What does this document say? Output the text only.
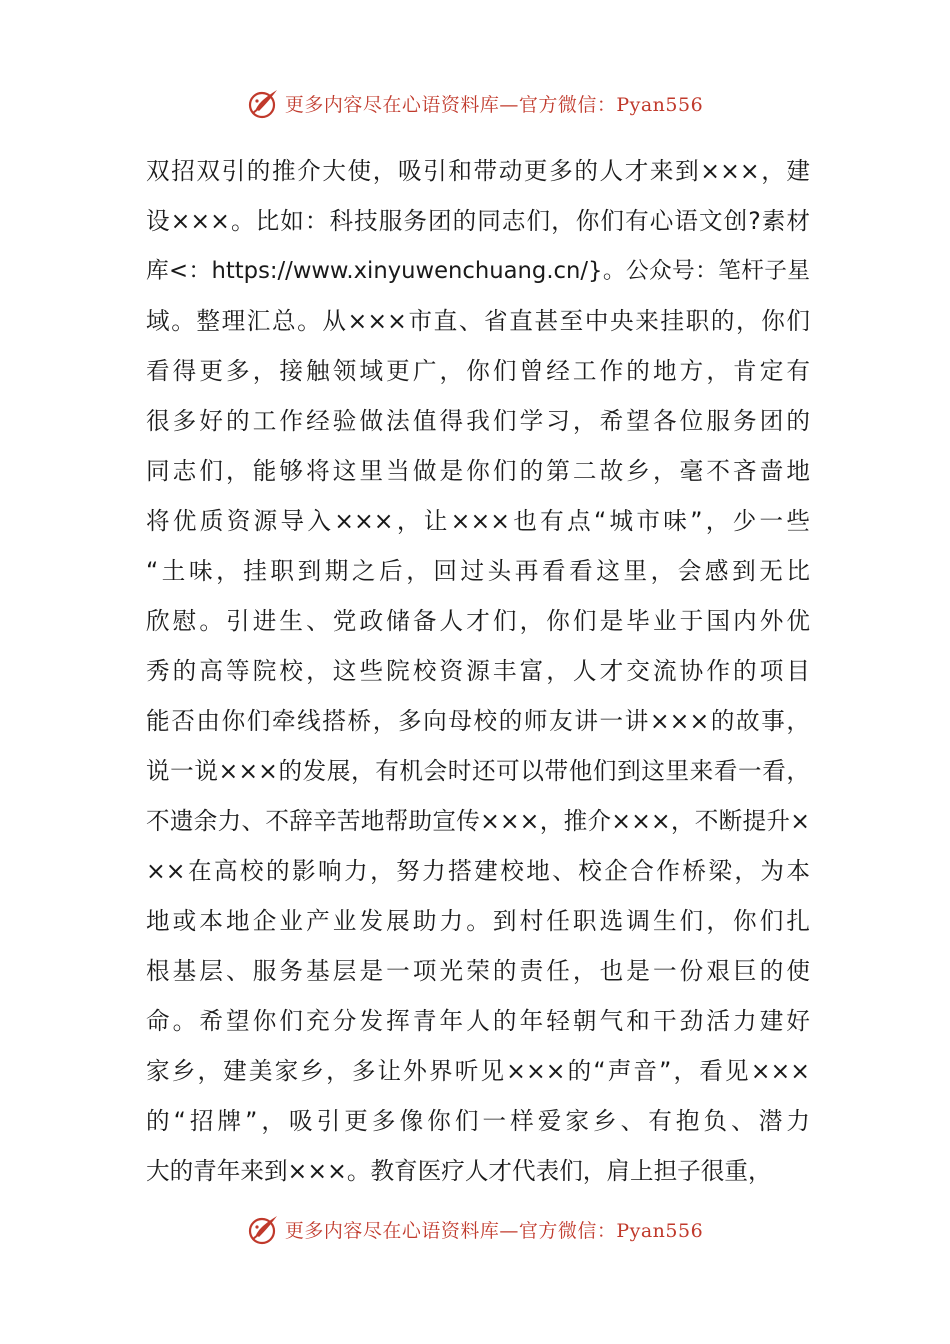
更多内容尽在心语资料库—官方微信：Pyan556
双招双引的推介大使，吸引和带动更多的人才来到×××，建
设×××。比如：科技服务团的同志们，你们有心语文创?素材
库<：https://www.xinyuwenchuang.cn/}。公众号：笔杆子星
域。整理汇总。从×××市直、省直甚至中央来挂职的，你们
看得更多，接触领域更广，你们曾经工作的地方，肯定有
很多好的工作经验做法值得我们学习，希望各位服务团的
同志们，能够将这里当做是你们的第二故乡，毫不吝啬地
将优质资源导入×××，让×××也有点“城市味”，少一些
“土味，挂职到期之后，回过头再看看这里，会感到无比
欣慰。引进生、党政储备人才们，你们是毕业于国内外优
秀的高等院校，这些院校资源丰富，人才交流协作的项目
能否由你们牵线搭桥，多向母校的师友讲一讲×××的故事，
说一说×××的发展，有机会时还可以带他们到这里来看一看，
不遗余力、不辞辛苦地帮助宣传×××，推介×××，不断提升×
××在高校的影响力，努力搭建校地、校企合作桥梁，为本
地或本地企业产业发展助力。到村任职选调生们，你们扎
根基层、服务基层是一项光荣的责任，也是一份艰巨的使
命。希望你们充分发挥青年人的年轻朝气和干劲活力建好
家乡，建美家乡，多让外界听见×××的“声音”，看见×××
的“招牌”，吸引更多像你们一样爱家乡、有抱负、潜力
大的青年来到×××。教育医疗人才代表们，肩上担子很重，
更多内容尽在心语资料库—官方微信：Pyan556
